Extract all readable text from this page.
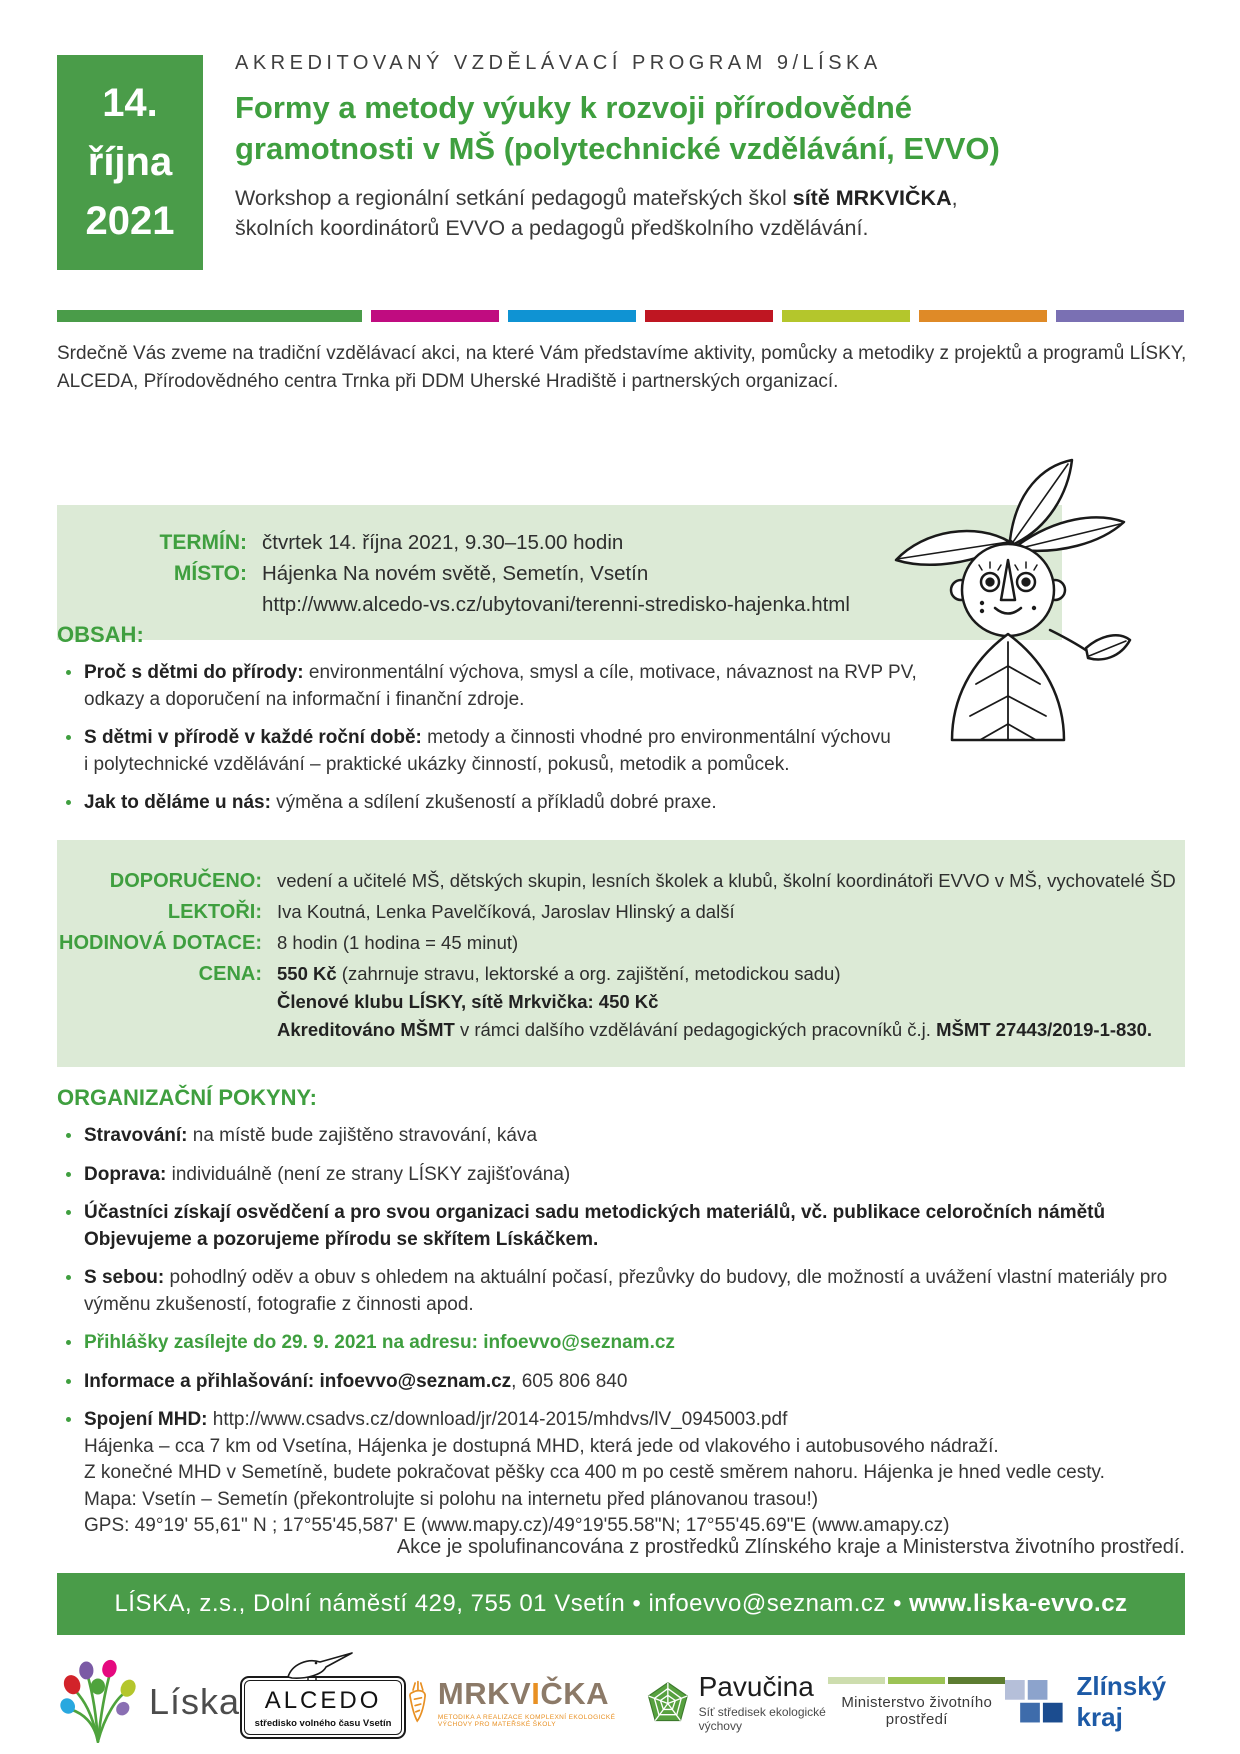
14.
října
2021
AKREDITOVANÝ VZDĚLÁVACÍ PROGRAM 9/LÍSKA
Formy a metody výuky k rozvoji přírodovědné
gramotnosti v MŠ (polytechnické vzdělávání, EVVO)
Workshop a regionální setkání pedagogů mateřských škol sítě MRKVIČKA,
školních koordinátorů EVVO a pedagogů předškolního vzdělávání.
Srdečně Vás zveme na tradiční vzdělávací akci, na které Vám představíme aktivity, pomůcky a metodiky z projektů a programů LÍSKY,
ALCEDA, Přírodovědného centra Trnka při DDM Uherské Hradiště i partnerských organizací.
TERMÍN: čtvrtek 14. října 2021, 9.30–15.00 hodin
MÍSTO: Hájenka Na novém světě, Semetín, Vsetín
http://www.alcedo-vs.cz/ubytovani/terenni-stredisko-hajenka.html
OBSAH:
Proč s dětmi do přírody: environmentální výchova, smysl a cíle, motivace, návaznost na RVP PV,
odkazy a doporučení na informační i finanční zdroje.
S dětmi v přírodě v každé roční době: metody a činnosti vhodné pro environmentální výchovu
i polytechnické vzdělávání – praktické ukázky činností, pokusů, metodik a pomůcek.
Jak to děláme u nás: výměna a sdílení zkušeností a příkladů dobré praxe.
DOPORUČENO: vedení a učitelé MŠ, dětských skupin, lesních školek a klubů, školní koordinátoři EVVO v MŠ, vychovatelé ŠD
LEKTOŘI: Iva Koutná, Lenka Pavelčíková, Jaroslav Hlinský a další
HODINOVÁ DOTACE: 8 hodin (1 hodina = 45 minut)
CENA: 550 Kč (zahrnuje stravu, lektorské a org. zajištění, metodickou sadu)
Členové klubu LÍSKY, sítě Mrkvička: 450 Kč
Akreditováno MŠMT v rámci dalšího vzdělávání pedagogických pracovníků č.j. MŠMT 27443/2019-1-830.
ORGANIZAČNÍ POKYNY:
Stravování: na místě bude zajištěno stravování, káva
Doprava: individuálně (není ze strany LÍSKY zajišťována)
Účastníci získají osvědčení a pro svou organizaci sadu metodických materiálů, vč. publikace celoročních námětů
Objevujeme a pozorujeme přírodu se skřítem Lískáčkem.
S sebou: pohodlný oděv a obuv s ohledem na aktuální počasí, přezůvky do budovy, dle možností a uvážení vlastní materiály pro
výměnu zkušeností, fotografie z činnosti apod.
Přihlášky zasílejte do 29. 9. 2021 na adresu: infoevvo@seznam.cz
Informace a přihlašování: infoevvo@seznam.cz, 605 806 840
Spojení MHD: http://www.csadvs.cz/download/jr/2014-2015/mhdvs/lV_0945003.pdf
Hájenka – cca 7 km od Vsetína, Hájenka je dostupná MHD, která jede od vlakového i autobusového nádraží.
Z konečné MHD v Semetíně, budete pokračovat pěšky cca 400 m po cestě směrem nahoru. Hájenka je hned vedle cesty.
Mapa: Vsetín – Semetín (překontrolujte si polohu na internetu před plánovanou trasou!)
GPS: 49°19' 55,61" N ; 17°55'45,587' E (www.mapy.cz)/49°19'55.58"N; 17°55'45.69"E (www.amapy.cz)
Akce je spolufinancována z prostředků Zlínského kraje a Ministerstva životního prostředí.
LÍSKA, z.s., Dolní náměstí 429, 755 01 Vsetín • infoevvo@seznam.cz • www.liska-evvo.cz
Líska	ALCEDO
středisko volného času Vsetín
MRKVIČKA
METODIKA A REALIZACE KOMPLEXNÍ EKOLOGICKÉ VÝCHOVY PRO MATEŘSKÉ ŠKOLY
Pavučina
Síť středisek ekologické výchovy
Ministerstvo životního prostředí
Zlínský kraj
